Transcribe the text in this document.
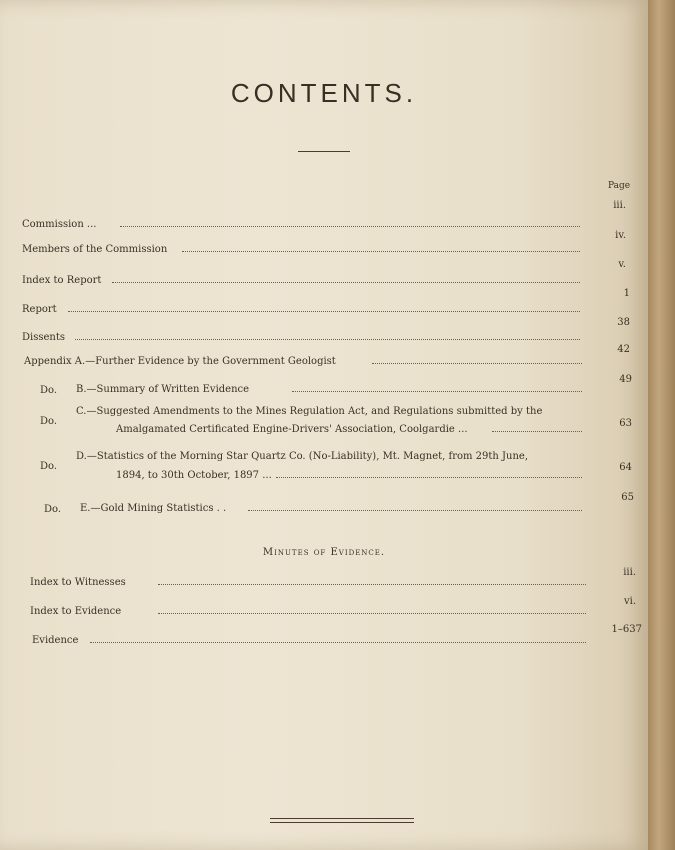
CONTENTS.
Page
Commission ...
iii.
Members of the Commission
iv.
Index to Report
v.
Report
1
Dissents
38
Appendix A.—Further Evidence by the Government Geologist
42
Do. B.—Summary of Written Evidence
49
Do.
C.—Suggested Amendments to the Mines Regulation Act, and Regulations submitted by the
Amalgamated Certificated Engine-Drivers' Association, Coolgardie ...
63
Do.
D.—Statistics of the Morning Star Quartz Co. (No-Liability), Mt. Magnet, from 29th June,
1894, to 30th October, 1897 ...
64
Do. E.—Gold Mining Statistics . .
65
Minutes of Evidence.
Index to Witnesses
iii.
Index to Evidence
vi.
Evidence
1–637
